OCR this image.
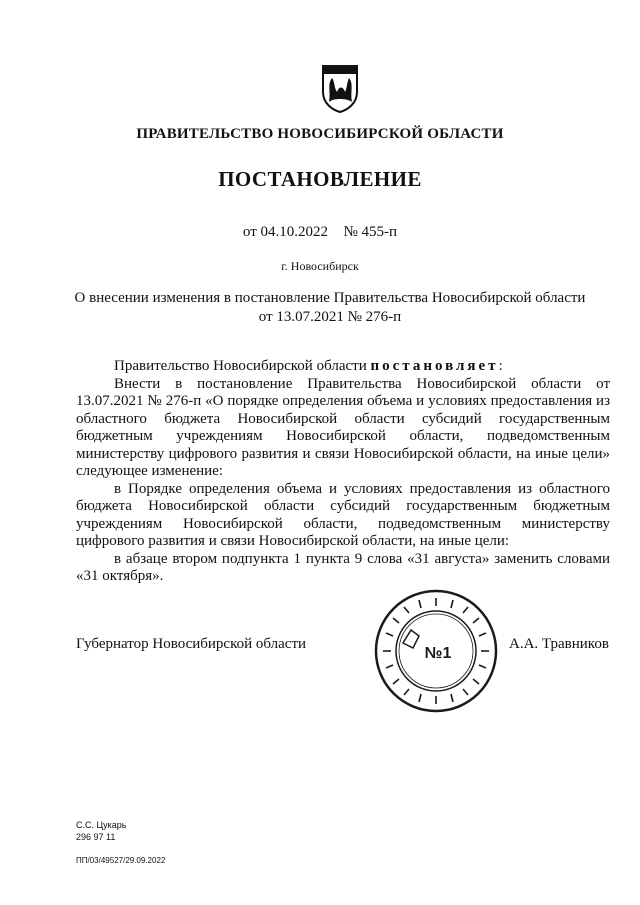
ПРАВИТЕЛЬСТВО НОВОСИБИРСКОЙ ОБЛАСТИ
ПОСТАНОВЛЕНИЕ
от 04.10.2022 № 455-п
г. Новосибирск
О внесении изменения в постановление Правительства Новосибирской области
от 13.07.2021 № 276-п

Правительство Новосибирской области постановляет:

Внести в постановление Правительства Новосибирской области от 13.07.2021 № 276-п «О порядке определения объема и условиях предоставления из областного бюджета Новосибирской области субсидий государственным бюджетным учреждениям Новосибирской области, подведомственным министерству цифрового развития и связи Новосибирской области, на иные цели» следующее изменение:

в Порядке определения объема и условиях предоставления из областного бюджета Новосибирской области субсидий государственным бюджетным учреждениям Новосибирской области, подведомственным министерству цифрового развития и связи Новосибирской области, на иные цели:

в абзаце втором подпункта 1 пункта 9 слова «31 августа» заменить словами «31 октября».

Губернатор Новосибирской области
№1
А.А. Травников
С.С. Цукарь
296 97 11
ПП/03/49527/29.09.2022
